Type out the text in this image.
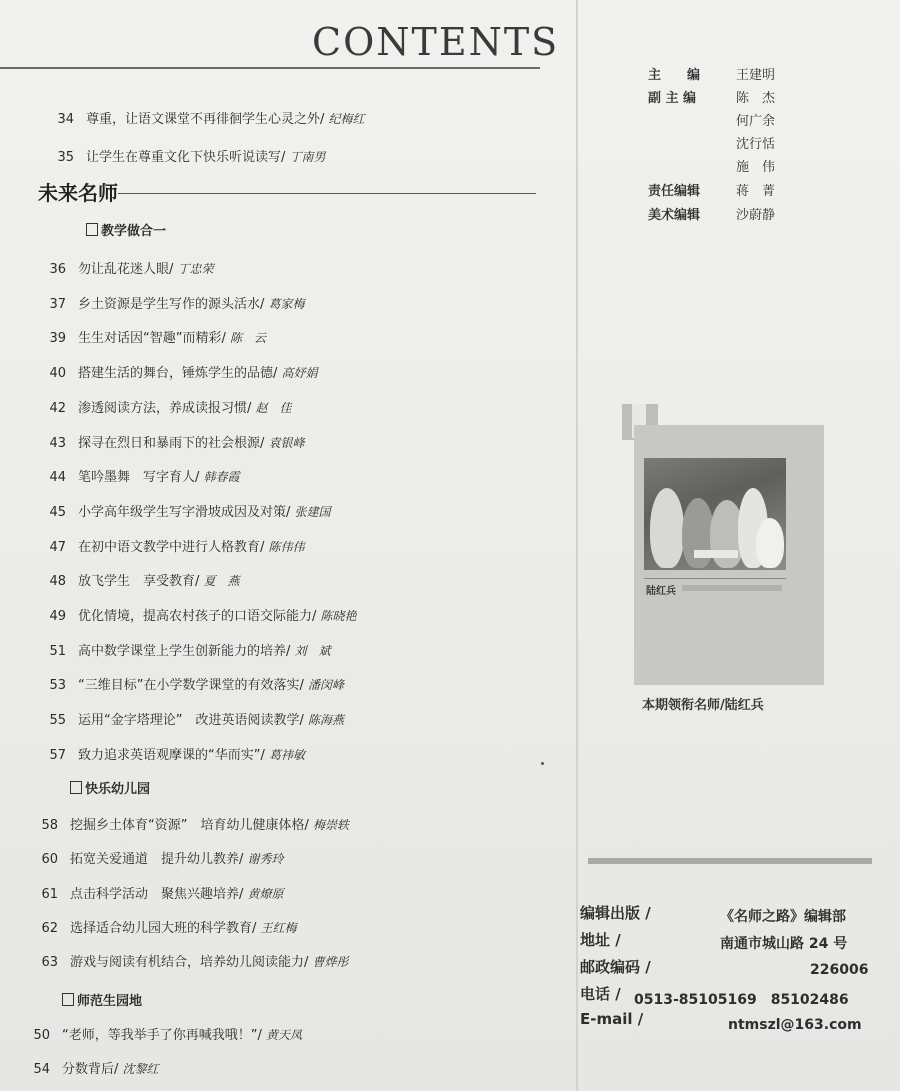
CONTENTS
34 尊重，让语文课堂不再徘徊学生心灵之外/ 纪梅红
35 让学生在尊重文化下快乐听说读写/ 丁南男
未来名师
教学做合一
36 勿让乱花迷人眼/ 丁忠荣
37 乡土资源是学生写作的源头活水/ 葛家梅
39 生生对话因“智趣”而精彩/ 陈　云
40 搭建生活的舞台，锤炼学生的品德/ 高妤娟
42 渗透阅读方法，养成读报习惯/ 赵　佳
43 探寻在烈日和暴雨下的社会根源/ 袁银峰
44 笔吟墨舞　写字育人/ 韩春霞
45 小学高年级学生写字滑坡成因及对策/ 张建国
47 在初中语文教学中进行人格教育/ 陈伟伟
48 放飞学生　享受教育/ 夏　燕
49 优化情境，提高农村孩子的口语交际能力/ 陈晓艳
51 高中数学课堂上学生创新能力的培养/ 刘　斌
53 “三维目标”在小学数学课堂的有效落实/ 潘闵峰
55 运用“金字塔理论”　改进英语阅读教学/ 陈海燕
57 致力追求英语观摩课的“华而实”/ 葛祎敏
快乐幼儿园
58 挖掘乡土体育“资源”　培育幼儿健康体格/ 梅崇轶
60 拓宽关爱通道　提升幼儿教养/ 谢秀玲
61 点击科学活动　聚焦兴趣培养/ 黄燎原
62 选择适合幼儿园大班的科学教育/ 王红梅
63 游戏与阅读有机结合，培养幼儿阅读能力/ 曹烨彤
师范生园地
50 “老师，等我举手了你再喊我哦！”/ 黄天凤
54 分数背后/ 沈黎红
主　　编	王建明
副 主 编	陈　杰
何广余
沈行恬
施　伟
责任编辑	蒋　菁
美术编辑	沙蔚静
陆红兵
本期领衔名师/陆红兵
编辑出版 /	《名师之路》编辑部
地址 /	南通市城山路 24 号
邮政编码 /	226006
电话 / 0513-85105169　85102486
E-mail /	ntmszl@163.com
